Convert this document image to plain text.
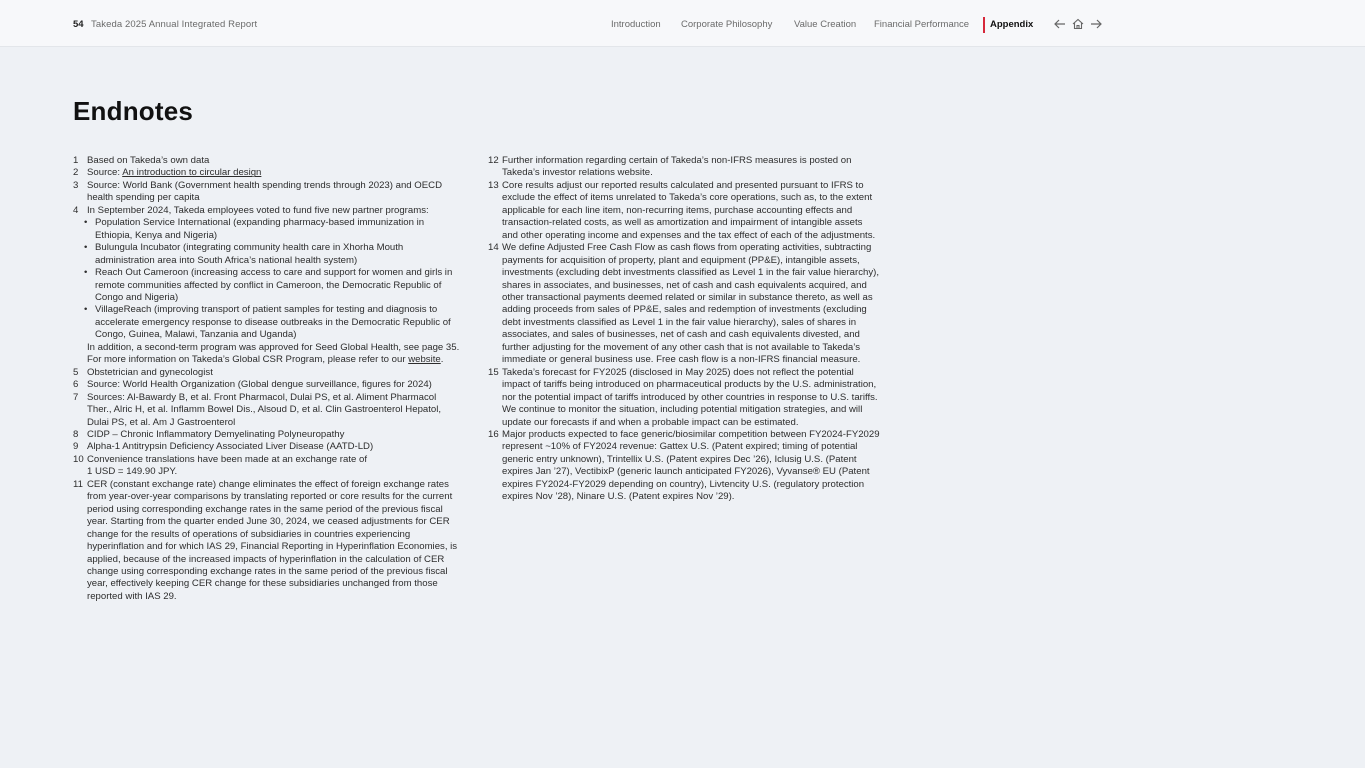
54 Takeda 2025 Annual Integrated Report	Introduction Corporate Philosophy Value Creation Financial Performance Appendix
Endnotes
1 Based on Takeda’s own data
2 Source: An introduction to circular design
3 Source: World Bank (Government health spending trends through 2023) and OECD health spending per capita
4 In September 2024, Takeda employees voted to fund five new partner programs:
• Population Service International (expanding pharmacy-based immunization in Ethiopia, Kenya and Nigeria)
• Bulungula Incubator (integrating community health care in Xhorha Mouth administration area into South Africa’s national health system)
• Reach Out Cameroon (increasing access to care and support for women and girls in remote communities affected by conflict in Cameroon, the Democratic Republic of Congo and Nigeria)
• VillageReach (improving transport of patient samples for testing and diagnosis to accelerate emergency response to disease outbreaks in the Democratic Republic of Congo, Guinea, Malawi, Tanzania and Uganda)
In addition, a second-term program was approved for Seed Global Health, see page 35. For more information on Takeda’s Global CSR Program, please refer to our website.
5 Obstetrician and gynecologist
6 Source: World Health Organization (Global dengue surveillance, figures for 2024)
7 Sources: Al-Bawardy B, et al. Front Pharmacol, Dulai PS, et al. Aliment Pharmacol Ther., Alric H, et al. Inflamm Bowel Dis., Alsoud D, et al. Clin Gastroenterol Hepatol, Dulai PS, et al. Am J Gastroenterol
8 CIDP – Chronic Inflammatory Demyelinating Polyneuropathy
9 Alpha-1 Antitrypsin Deficiency Associated Liver Disease (AATD-LD)
10 Convenience translations have been made at an exchange rate of
1 USD = 149.90 JPY.
11 CER (constant exchange rate) change eliminates the effect of foreign exchange rates from year-over-year comparisons by translating reported or core results for the current period using corresponding exchange rates in the same period of the previous fiscal year. Starting from the quarter ended June 30, 2024, we ceased adjustments for CER change for the results of operations of subsidiaries in countries experiencing hyperinflation and for which IAS 29, Financial Reporting in Hyperinflation Economies, is applied, because of the increased impacts of hyperinflation in the calculation of CER change using corresponding exchange rates in the same period of the previous fiscal year, effectively keeping CER change for these subsidiaries unchanged from those reported with IAS 29.
12 Further information regarding certain of Takeda’s non-IFRS measures is posted on Takeda’s investor relations website.
13 Core results adjust our reported results calculated and presented pursuant to IFRS to exclude the effect of items unrelated to Takeda’s core operations, such as, to the extent applicable for each line item, non-recurring items, purchase accounting effects and transaction-related costs, as well as amortization and impairment of intangible assets and other operating income and expenses and the tax effect of each of the adjustments.
14 We define Adjusted Free Cash Flow as cash flows from operating activities, subtracting payments for acquisition of property, plant and equipment (PP&E), intangible assets, investments (excluding debt investments classified as Level 1 in the fair value hierarchy), shares in associates, and businesses, net of cash and cash equivalents acquired, and other transactional payments deemed related or similar in substance thereto, as well as adding proceeds from sales of PP&E, sales and redemption of investments (excluding debt investments classified as Level 1 in the fair value hierarchy), sales of shares in associates, and sales of businesses, net of cash and cash equivalents divested, and further adjusting for the movement of any other cash that is not available to Takeda’s immediate or general business use. Free cash flow is a non-IFRS financial measure.
15 Takeda’s forecast for FY2025 (disclosed in May 2025) does not reflect the potential impact of tariffs being introduced on pharmaceutical products by the U.S. administration, nor the potential impact of tariffs introduced by other countries in response to U.S. tariffs. We continue to monitor the situation, including potential mitigation strategies, and will update our forecasts if and when a probable impact can be estimated.
16 Major products expected to face generic/biosimilar competition between FY2024-FY2029 represent ~10% of FY2024 revenue: Gattex U.S. (Patent expired; timing of potential generic entry unknown), Trintellix U.S. (Patent expires Dec ’26), Iclusig U.S. (Patent expires Jan ’27), VectibixP (generic launch anticipated FY2026), Vyvanse® EU (Patent expires FY2024-FY2029 depending on country), Livtencity U.S. (regulatory protection expires Nov ’28), Ninare U.S. (Patent expires Nov ’29).
